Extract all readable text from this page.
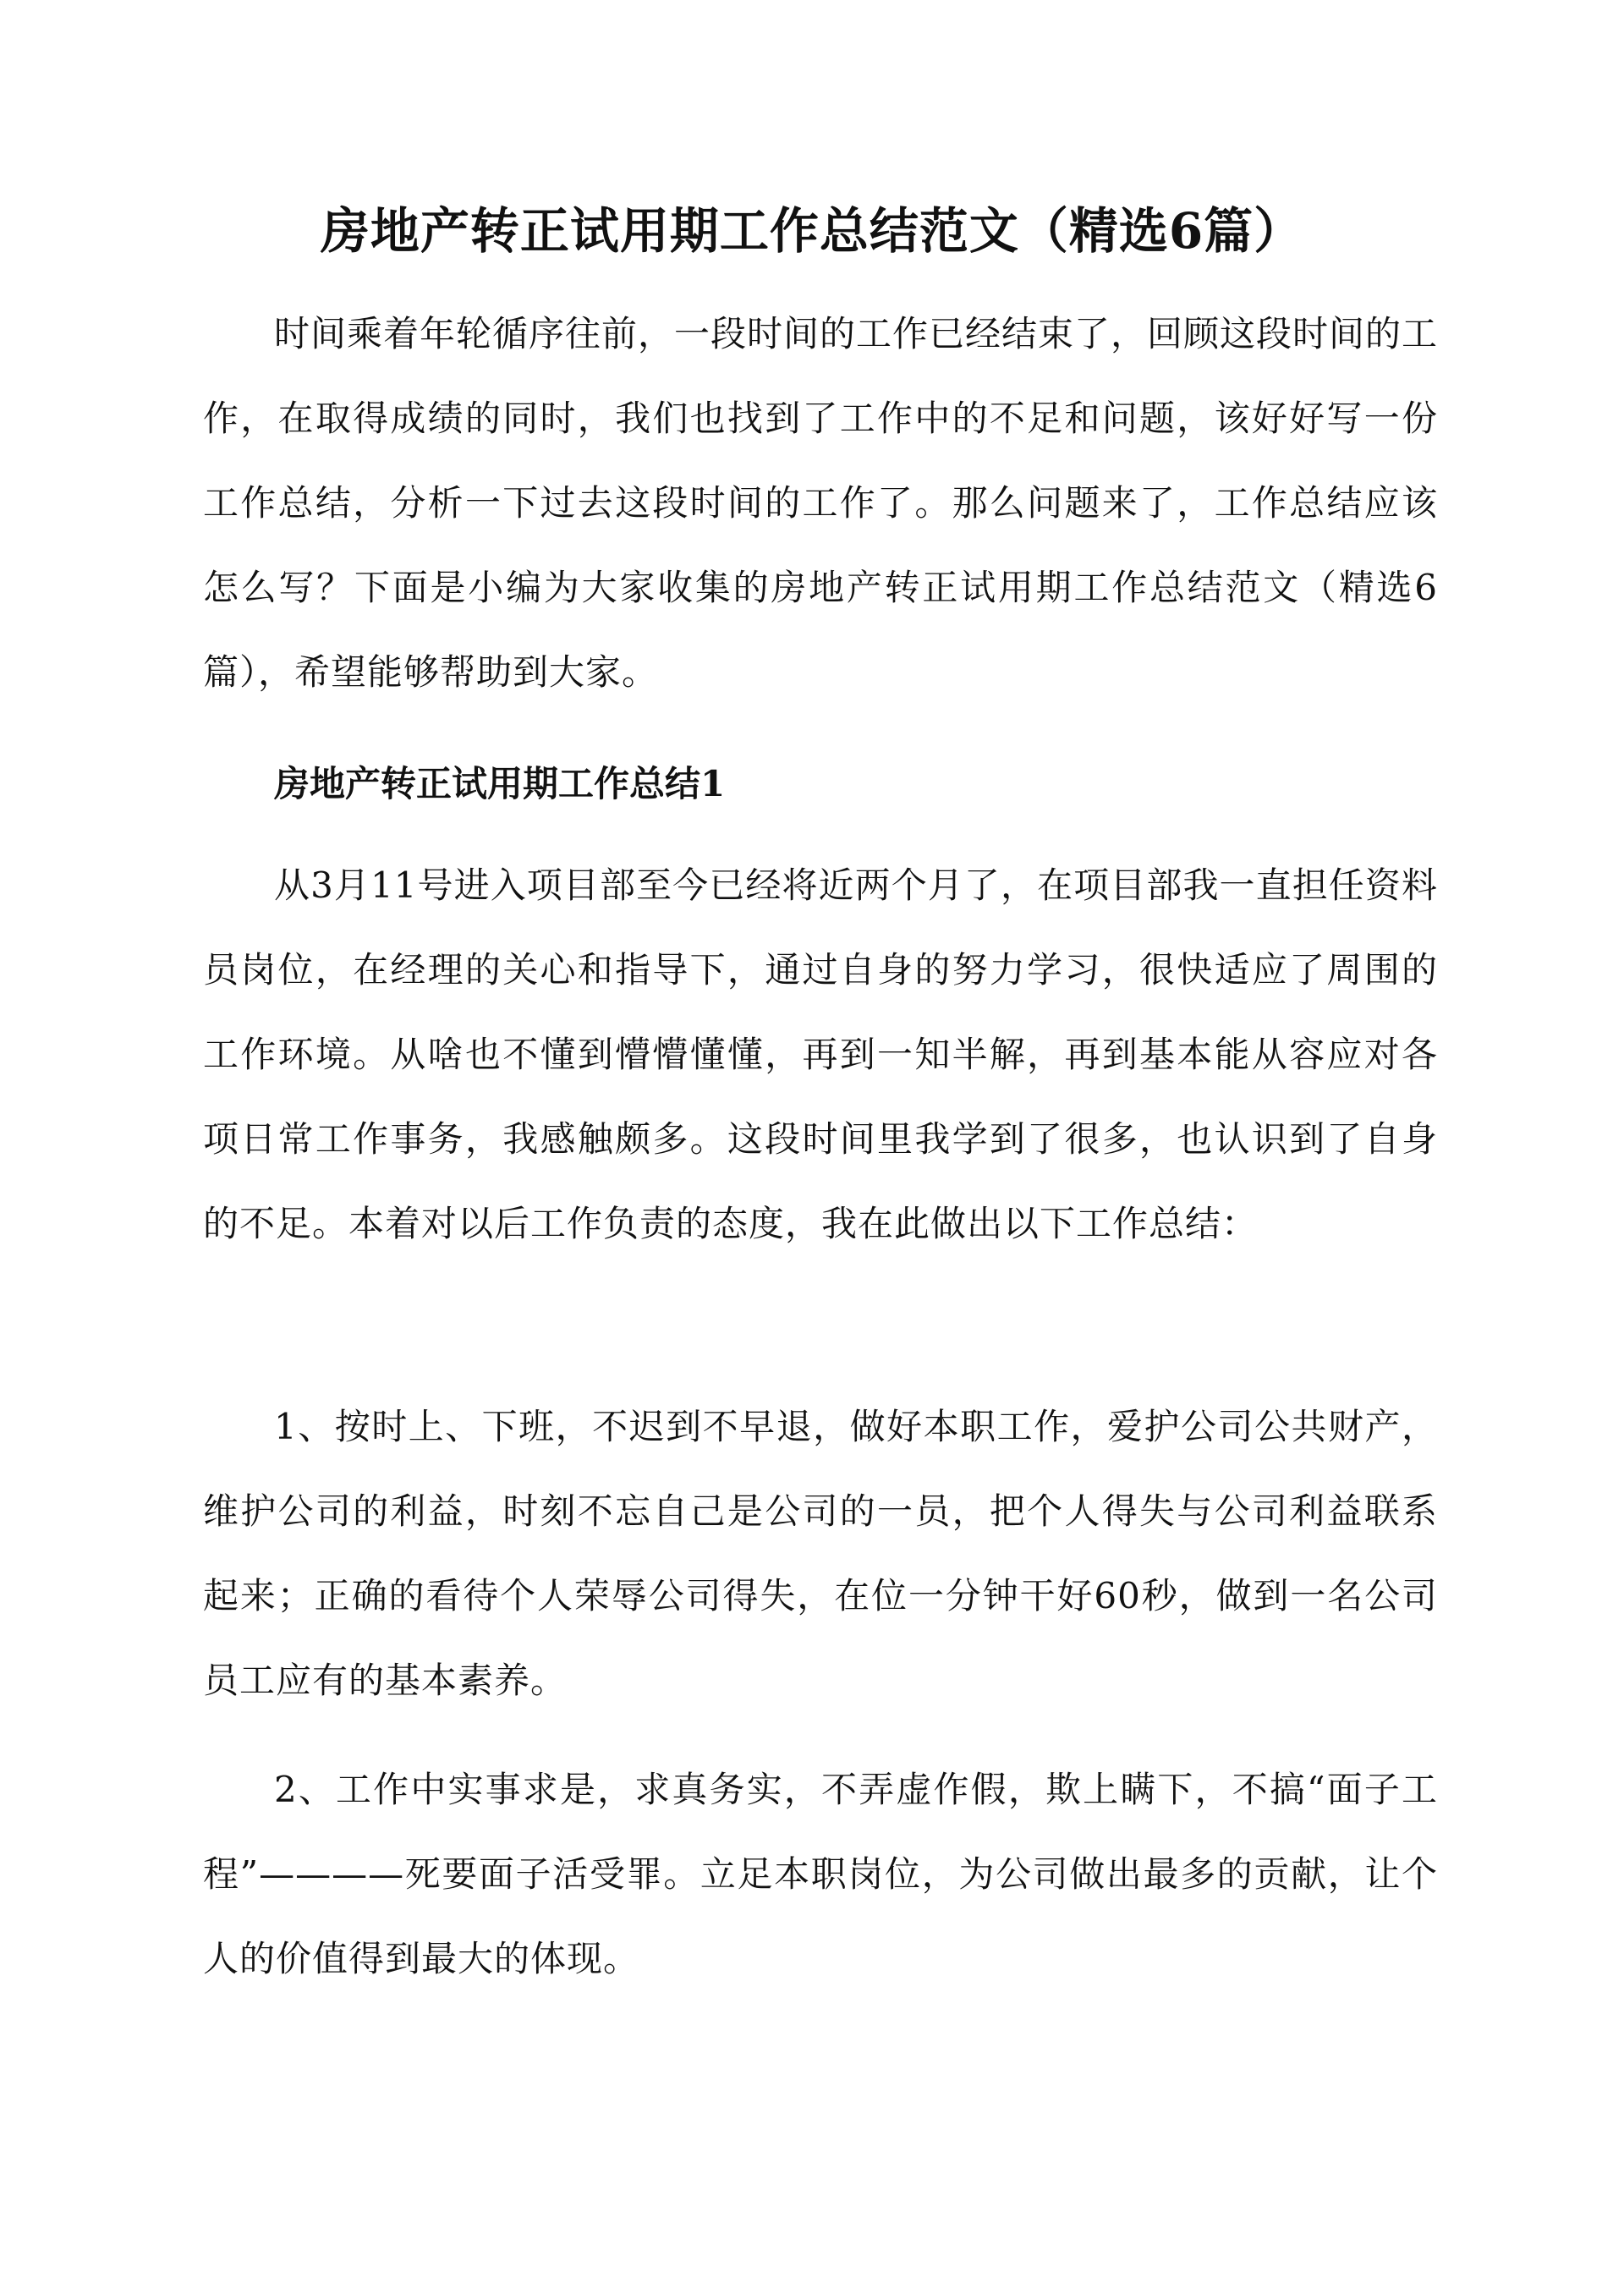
房地产转正试用期工作总结范文（精选6篇）

时间乘着年轮循序往前，一段时间的工作已经结束了，回顾这段时间的工作，在取得成绩的同时，我们也找到了工作中的不足和问题，该好好写一份工作总结，分析一下过去这段时间的工作了。那么问题来了，工作总结应该怎么写？下面是小编为大家收集的房地产转正试用期工作总结范文（精选6篇），希望能够帮助到大家。

房地产转正试用期工作总结1

从3月11号进入项目部至今已经将近两个月了，在项目部我一直担任资料员岗位，在经理的关心和指导下，通过自身的努力学习，很快适应了周围的工作环境。从啥也不懂到懵懵懂懂，再到一知半解，再到基本能从容应对各项日常工作事务，我感触颇多。这段时间里我学到了很多，也认识到了自身的不足。本着对以后工作负责的态度，我在此做出以下工作总结：

1、按时上、下班，不迟到不早退，做好本职工作，爱护公司公共财产，维护公司的利益，时刻不忘自己是公司的一员，把个人得失与公司利益联系起来；正确的看待个人荣辱公司得失，在位一分钟干好60秒，做到一名公司员工应有的基本素养。

2、工作中实事求是，求真务实，不弄虚作假，欺上瞒下，不搞“面子工程”————死要面子活受罪。立足本职岗位，为公司做出最多的贡献，让个人的价值得到最大的体现。
